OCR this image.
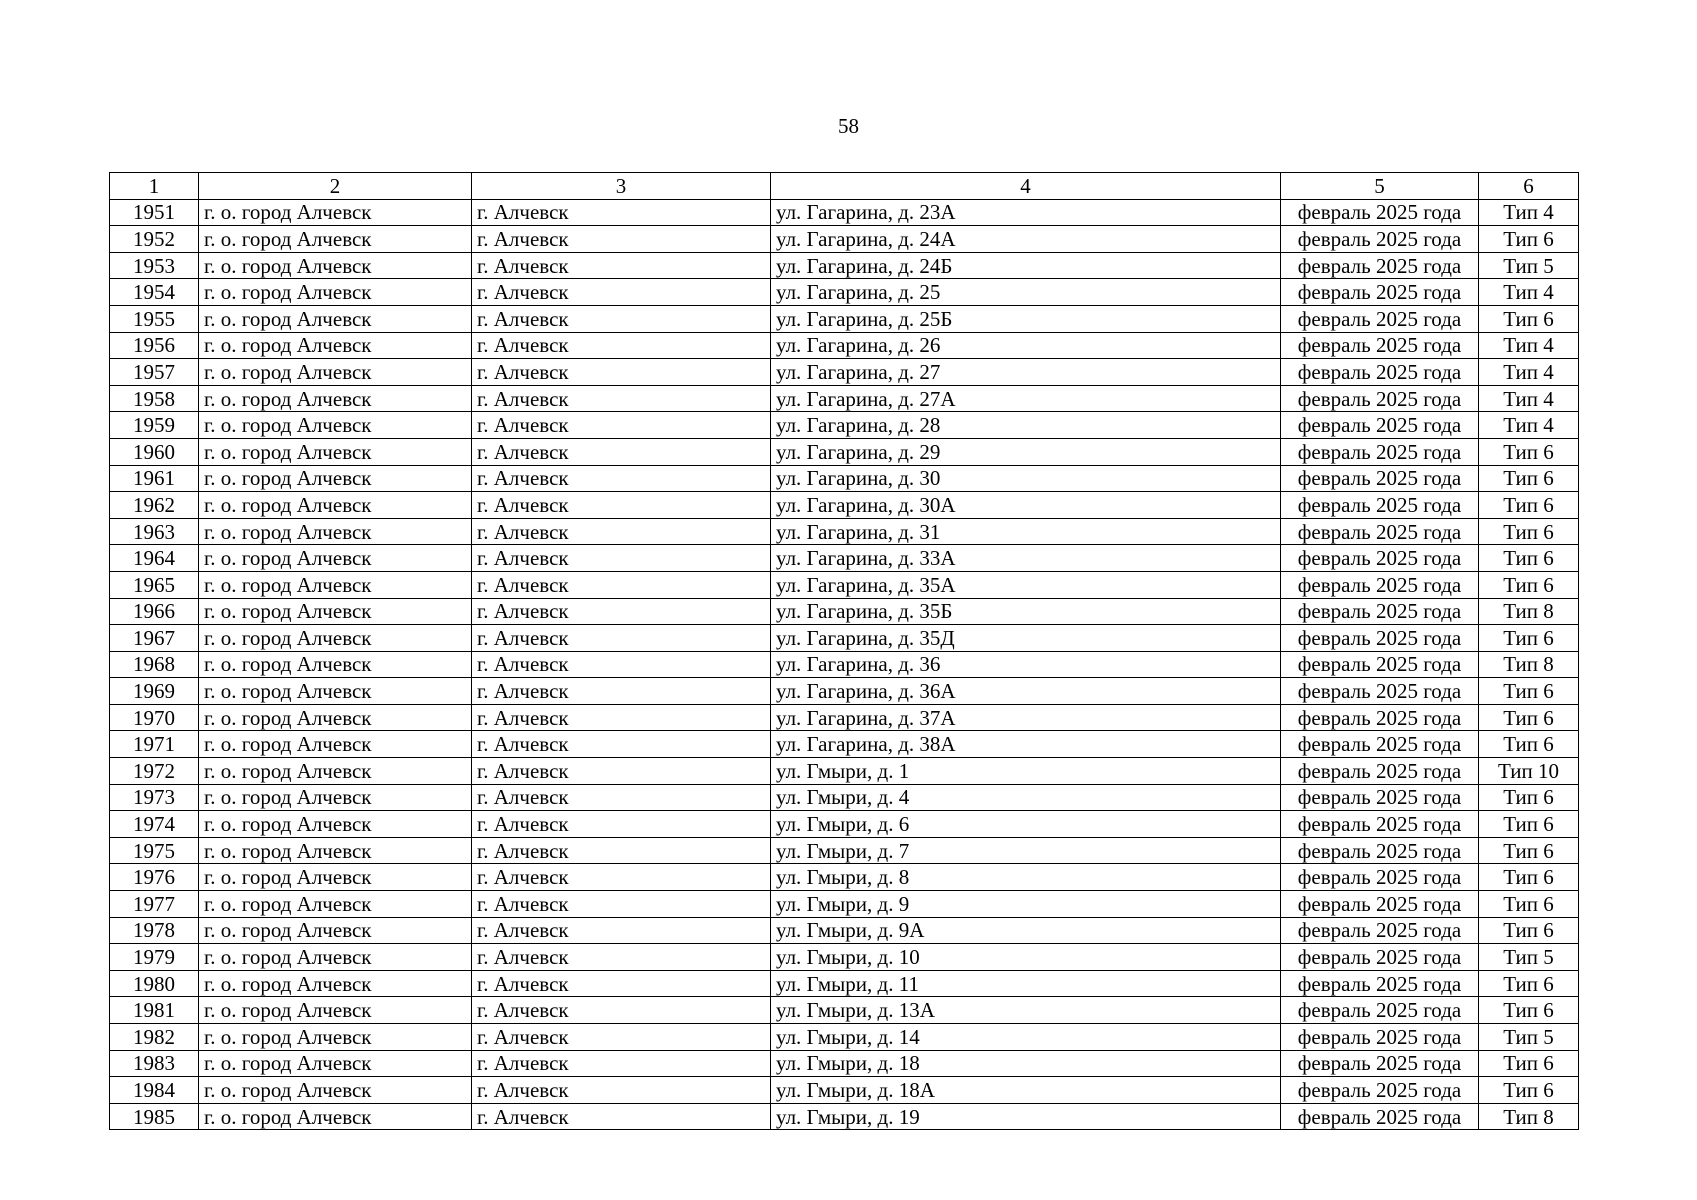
58
1	2	3	4	5	6
1951	г. о. город Алчевск	г. Алчевск	ул. Гагарина, д. 23А	февраль 2025 года	Тип 4
1952	г. о. город Алчевск	г. Алчевск	ул. Гагарина, д. 24А	февраль 2025 года	Тип 6
1953	г. о. город Алчевск	г. Алчевск	ул. Гагарина, д. 24Б	февраль 2025 года	Тип 5
1954	г. о. город Алчевск	г. Алчевск	ул. Гагарина, д. 25	февраль 2025 года	Тип 4
1955	г. о. город Алчевск	г. Алчевск	ул. Гагарина, д. 25Б	февраль 2025 года	Тип 6
1956	г. о. город Алчевск	г. Алчевск	ул. Гагарина, д. 26	февраль 2025 года	Тип 4
1957	г. о. город Алчевск	г. Алчевск	ул. Гагарина, д. 27	февраль 2025 года	Тип 4
1958	г. о. город Алчевск	г. Алчевск	ул. Гагарина, д. 27А	февраль 2025 года	Тип 4
1959	г. о. город Алчевск	г. Алчевск	ул. Гагарина, д. 28	февраль 2025 года	Тип 4
1960	г. о. город Алчевск	г. Алчевск	ул. Гагарина, д. 29	февраль 2025 года	Тип 6
1961	г. о. город Алчевск	г. Алчевск	ул. Гагарина, д. 30	февраль 2025 года	Тип 6
1962	г. о. город Алчевск	г. Алчевск	ул. Гагарина, д. 30А	февраль 2025 года	Тип 6
1963	г. о. город Алчевск	г. Алчевск	ул. Гагарина, д. 31	февраль 2025 года	Тип 6
1964	г. о. город Алчевск	г. Алчевск	ул. Гагарина, д. 33А	февраль 2025 года	Тип 6
1965	г. о. город Алчевск	г. Алчевск	ул. Гагарина, д. 35А	февраль 2025 года	Тип 6
1966	г. о. город Алчевск	г. Алчевск	ул. Гагарина, д. 35Б	февраль 2025 года	Тип 8
1967	г. о. город Алчевск	г. Алчевск	ул. Гагарина, д. 35Д	февраль 2025 года	Тип 6
1968	г. о. город Алчевск	г. Алчевск	ул. Гагарина, д. 36	февраль 2025 года	Тип 8
1969	г. о. город Алчевск	г. Алчевск	ул. Гагарина, д. 36А	февраль 2025 года	Тип 6
1970	г. о. город Алчевск	г. Алчевск	ул. Гагарина, д. 37А	февраль 2025 года	Тип 6
1971	г. о. город Алчевск	г. Алчевск	ул. Гагарина, д. 38А	февраль 2025 года	Тип 6
1972	г. о. город Алчевск	г. Алчевск	ул. Гмыри, д. 1	февраль 2025 года	Тип 10
1973	г. о. город Алчевск	г. Алчевск	ул. Гмыри, д. 4	февраль 2025 года	Тип 6
1974	г. о. город Алчевск	г. Алчевск	ул. Гмыри, д. 6	февраль 2025 года	Тип 6
1975	г. о. город Алчевск	г. Алчевск	ул. Гмыри, д. 7	февраль 2025 года	Тип 6
1976	г. о. город Алчевск	г. Алчевск	ул. Гмыри, д. 8	февраль 2025 года	Тип 6
1977	г. о. город Алчевск	г. Алчевск	ул. Гмыри, д. 9	февраль 2025 года	Тип 6
1978	г. о. город Алчевск	г. Алчевск	ул. Гмыри, д. 9А	февраль 2025 года	Тип 6
1979	г. о. город Алчевск	г. Алчевск	ул. Гмыри, д. 10	февраль 2025 года	Тип 5
1980	г. о. город Алчевск	г. Алчевск	ул. Гмыри, д. 11	февраль 2025 года	Тип 6
1981	г. о. город Алчевск	г. Алчевск	ул. Гмыри, д. 13А	февраль 2025 года	Тип 6
1982	г. о. город Алчевск	г. Алчевск	ул. Гмыри, д. 14	февраль 2025 года	Тип 5
1983	г. о. город Алчевск	г. Алчевск	ул. Гмыри, д. 18	февраль 2025 года	Тип 6
1984	г. о. город Алчевск	г. Алчевск	ул. Гмыри, д. 18А	февраль 2025 года	Тип 6
1985	г. о. город Алчевск	г. Алчевск	ул. Гмыри, д. 19	февраль 2025 года	Тип 8
